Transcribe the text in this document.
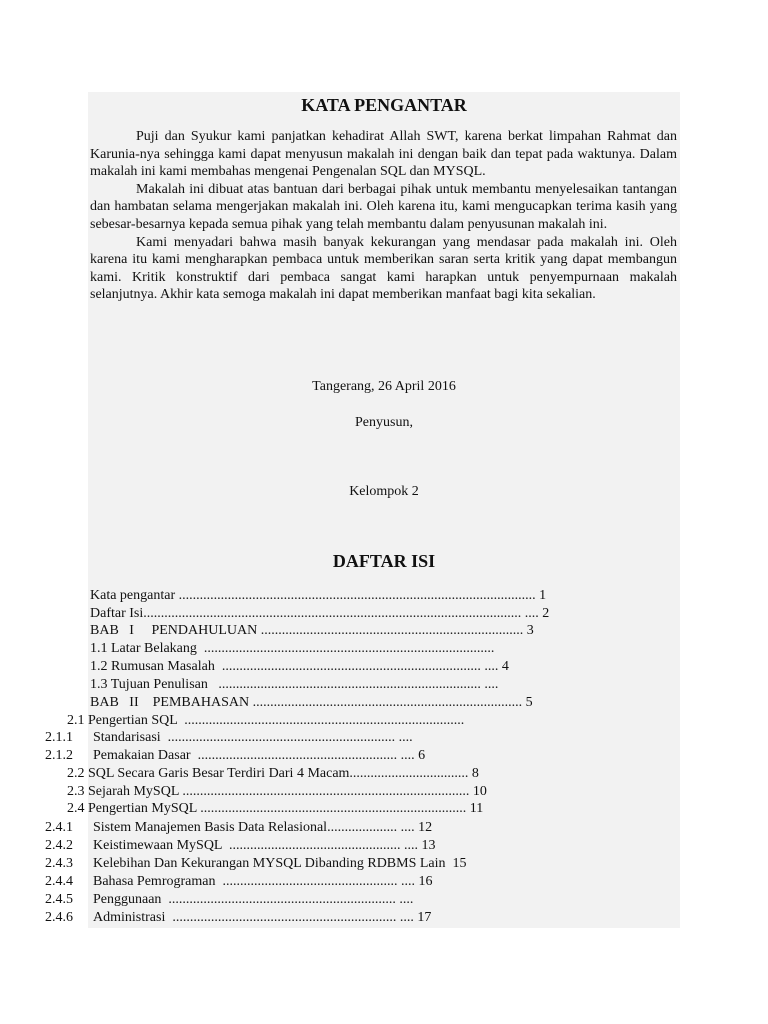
KATA PENGANTAR

Puji dan Syukur kami panjatkan kehadirat Allah SWT, karena berkat limpahan Rahmat dan Karunia-nya sehingga kami dapat menyusun makalah ini dengan baik dan tepat pada waktunya. Dalam makalah ini kami membahas mengenai Pengenalan SQL dan MYSQL.

Makalah ini dibuat atas bantuan dari berbagai pihak untuk membantu menyelesaikan tantangan dan hambatan selama mengerjakan makalah ini. Oleh karena itu, kami mengucapkan terima kasih yang sebesar-besarnya kepada semua pihak yang telah membantu dalam penyusunan makalah ini.

Kami menyadari bahwa masih banyak kekurangan yang mendasar pada makalah ini. Oleh karena itu kami mengharapkan pembaca untuk memberikan saran serta kritik yang dapat membangun kami. Kritik konstruktif dari pembaca sangat kami harapkan untuk penyempurnaan makalah selanjutnya. Akhir kata semoga makalah ini dapat memberikan manfaat bagi kita sekalian.

Tangerang, 26 April 2016
Penyusun,
Kelompok 2
DAFTAR ISI
Kata pengantar ...................................................................................................... 1
Daftar Isi............................................................................................................ .... 2
BAB   I     PENDAHULUAN ........................................................................... 3
1.1 Latar Belakang  ...................................................................................
1.2 Rumusan Masalah  .......................................................................... .... 4
1.3 Tujuan Penulisan   ........................................................................... ....
BAB   II    PEMBAHASAN ............................................................................. 5
2.1 Pengertian SQL  ................................................................................
2.1.1 Standarisasi  ................................................................. ....
2.1.2 Pemakaian Dasar  ......................................................... .... 6
2.2 SQL Secara Garis Besar Terdiri Dari 4 Macam.................................. 8
2.3 Sejarah MySQL .................................................................................. 10
2.4 Pengertian MySQL ............................................................................ 11
2.4.1 Sistem Manajemen Basis Data Relasional.................... .... 12
2.4.2 Keistimewaan MySQL  ................................................. .... 13
2.4.3 Kelebihan Dan Kekurangan MYSQL Dibanding RDBMS Lain  15
2.4.4 Bahasa Pemrograman  .................................................. .... 16
2.4.5 Penggunaan  ................................................................. ....
2.4.6 Administrasi  ................................................................ .... 17
